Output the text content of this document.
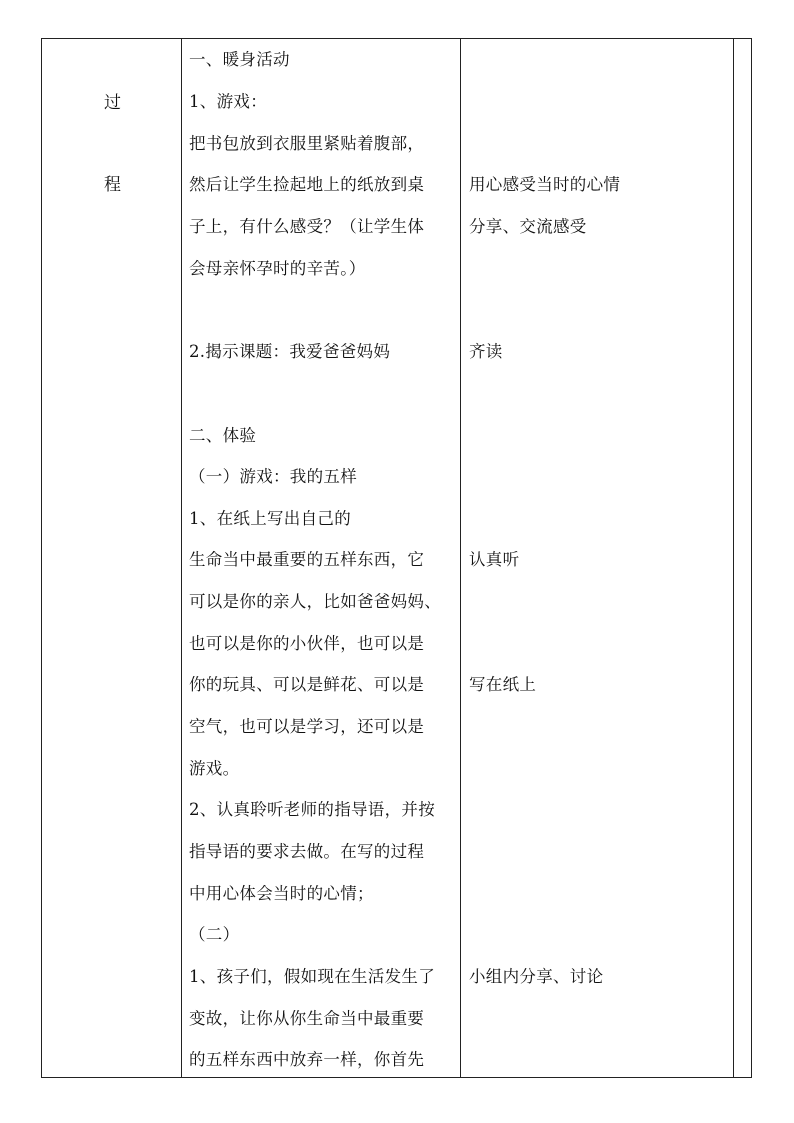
过
程
一、暖身活动
1、游戏：
把书包放到衣服里紧贴着腹部，
然后让学生捡起地上的纸放到桌
子上，有什么感受？（让学生体
会母亲怀孕时的辛苦。）
2.揭示课题：我爱爸爸妈妈
二、体验
（一）游戏：我的五样
1、在纸上写出自己的
生命当中最重要的五样东西，它
可以是你的亲人，比如爸爸妈妈、
也可以是你的小伙伴，也可以是
你的玩具、可以是鲜花、可以是
空气，也可以是学习，还可以是
游戏。
2、认真聆听老师的指导语，并按
指导语的要求去做。在写的过程
中用心体会当时的心情；
（二）
1、孩子们，假如现在生活发生了
变故，让你从你生命当中最重要
的五样东西中放弃一样，你首先
用心感受当时的心情
分享、交流感受
齐读
认真听
写在纸上
小组内分享、讨论
